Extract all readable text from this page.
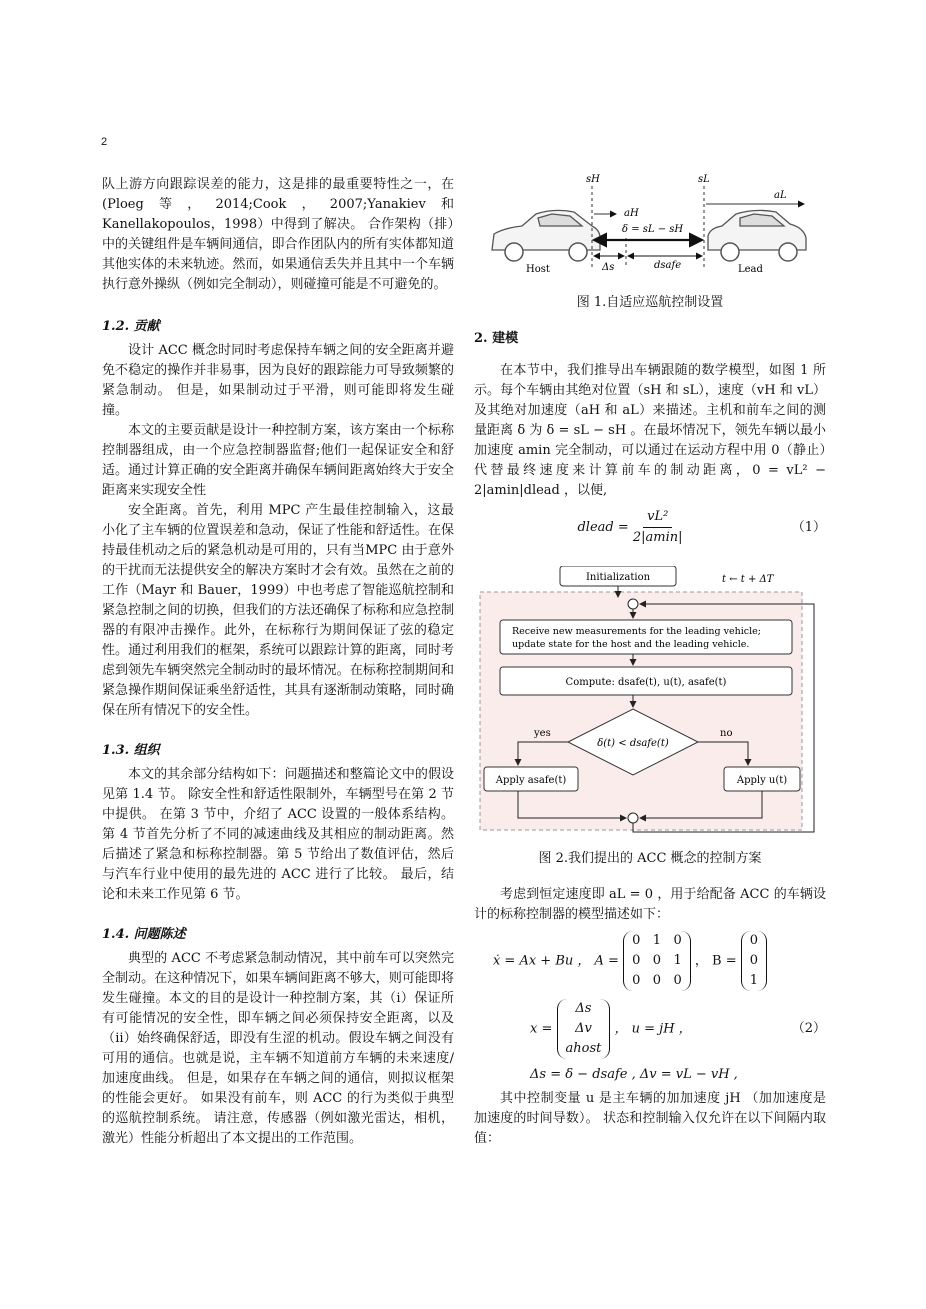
2

队上游方向跟踪误差的能力，这是排的最重要特性之一，在(Ploeg等，2014;Cook，2007;Yanakiev和Kanellakopoulos，1998）中得到了解决。 合作架构（排）中的关键组件是车辆间通信，即合作团队内的所有实体都知道其他实体的未来轨迹。然而，如果通信丢失并且其中一个车辆执行意外操纵（例如完全制动），则碰撞可能是不可避免的。

1.2. 贡献

设计 ACC 概念时同时考虑保持车辆之间的安全距离并避免不稳定的操作并非易事，因为良好的跟踪能力可导致频繁的紧急制动。 但是，如果制动过于平滑，则可能即将发生碰撞。

本文的主要贡献是设计一种控制方案，该方案由一个标称控制器组成，由一个应急控制器监督;他们一起保证安全和舒适。通过计算正确的安全距离并确保车辆间距离始终大于安全距离来实现安全性

安全距离。首先，利用 MPC 产生最佳控制输入，这最小化了主车辆的位置误差和急动，保证了性能和舒适性。在保持最佳机动之后的紧急机动是可用的，只有当MPC 由于意外的干扰而无法提供安全的解决方案时才会有效。虽然在之前的工作（Mayr 和 Bauer，1999）中也考虑了智能巡航控制和紧急控制之间的切换，但我们的方法还确保了标称和应急控制器的有限冲击操作。此外，在标称行为期间保证了弦的稳定性。通过利用我们的框架，系统可以跟踪计算的距离，同时考虑到领先车辆突然完全制动时的最坏情况。在标称控制期间和紧急操作期间保证乘坐舒适性，其具有逐渐制动策略，同时确保在所有情况下的安全性。

1.3. 组织

本文的其余部分结构如下：问题描述和整篇论文中的假设见第 1.4 节。 除安全性和舒适性限制外，车辆型号在第 2 节中提供。 在第 3 节中，介绍了 ACC 设置的一般体系结构。第 4 节首先分析了不同的减速曲线及其相应的制动距离。然后描述了紧急和标称控制器。第 5 节给出了数值评估，然后与汽车行业中使用的最先进的 ACC 进行了比较。 最后，结论和未来工作见第 6 节。

1.4. 问题陈述

典型的 ACC 不考虑紧急制动情况，其中前车可以突然完全制动。在这种情况下，如果车辆间距离不够大，则可能即将发生碰撞。本文的目的是设计一种控制方案，其（i）保证所有可能情况的安全性，即车辆之间必须保持安全距离，以及（ii）始终确保舒适，即没有生涩的机动。假设车辆之间没有可用的通信。也就是说，主车辆不知道前方车辆的未来速度/加速度曲线。 但是，如果存在车辆之间的通信，则拟议框架的性能会更好。 如果没有前车，则 ACC 的行为类似于典型的巡航控制系统。 请注意，传感器（例如激光雷达，相机，激光）性能分析超出了本文提出的工作范围。

sH	sL
aH
aL
δ = sL − sH
Δs	dsafe
Host	Lead
图 1.自适应巡航控制设置
2. 建模

在本节中，我们推导出车辆跟随的数学模型，如图 1 所示。每个车辆由其绝对位置（sH 和 sL），速度（vH 和 vL）及其绝对加速度（aH 和 aL）来描述。主机和前车之间的测量距离 δ 为 δ = sL − sH 。在最坏情况下，领先车辆以最小加速度 amin 完全制动，可以通过在运动方程中用 0（静止）代替最终速度来计算前车的制动距离，0 = vL² − 2|amin|dlead ，以便,

dlead = $\frac{\text{vL²}}{2|amin|}$	（1）
Initialization	t ← t + ΔT
Receive new measurements for the leading vehicle;
update state for the host and the leading vehicle.
Compute: dsafe(t), u(t), asafe(t)
δ(t) < dsafe(t)
yes	no
Apply asafe(t)	Apply u(t)
图 2.我们提出的 ACC 概念的控制方案

考虑到恒定速度即 aL = 0 ，用于给配备 ACC 的车辆设计的标称控制器的模型描述如下：

ẋ = Ax + Bu ， A =
0 1 0
0 0 1
0 0 0
， B =
0
0
1
x =
Δs
Δv
ahost
， u = jH ，	（2）
Δs = δ − dsafe , Δv = vL − vH ,

其中控制变量 u 是主车辆的加加速度 jH （加加速度是加速度的时间导数）。 状态和控制输入仅允许在以下间隔内取值：
